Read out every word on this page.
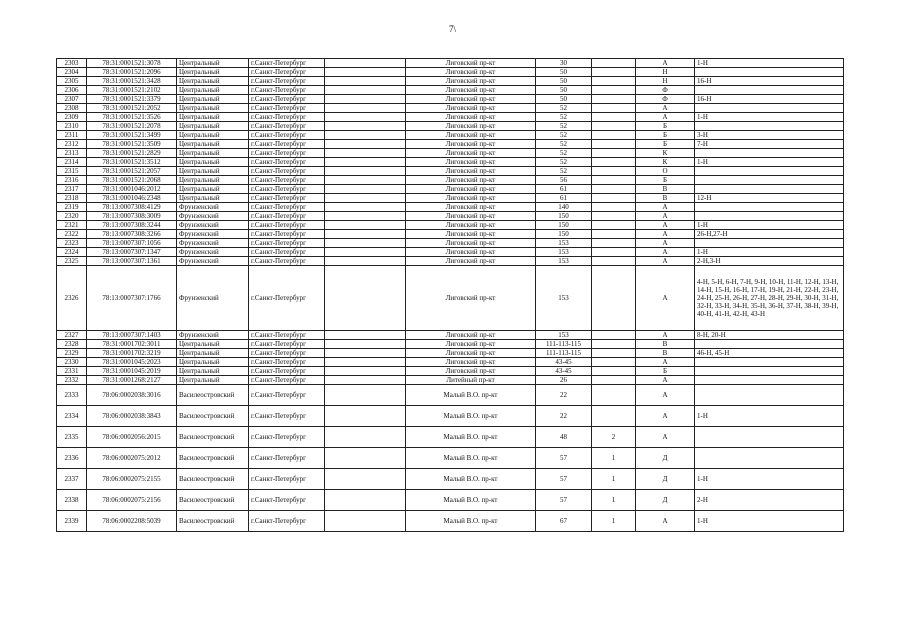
7\
2303	78:31:0001521:3078	Центральный	г.Санкт-Петербург		Лиговский пр-кт	30		А	1-Н
2304	78:31:0001521:2096	Центральный	г.Санкт-Петербург		Лиговский пр-кт	50		Н	
2305	78:31:0001521:3428	Центральный	г.Санкт-Петербург		Лиговский пр-кт	50		Н	16-Н
2306	78:31:0001521:2102	Центральный	г.Санкт-Петербург		Лиговский пр-кт	50		Ф	
2307	78:31:0001521:3379	Центральный	г.Санкт-Петербург		Лиговский пр-кт	50		Ф	16-Н
2308	78:31:0001521:2052	Центральный	г.Санкт-Петербург		Лиговский пр-кт	52		А	
2309	78:31:0001521:3526	Центральный	г.Санкт-Петербург		Лиговский пр-кт	52		А	1-Н
2310	78:31:0001521:2078	Центральный	г.Санкт-Петербург		Лиговский пр-кт	52		Б	
2311	78:31:0001521:3499	Центральный	г.Санкт-Петербург		Лиговский пр-кт	52		Б	3-Н
2312	78:31:0001521:3509	Центральный	г.Санкт-Петербург		Лиговский пр-кт	52		Б	7-Н
2313	78:31:0001521:2829	Центральный	г.Санкт-Петербург		Лиговский пр-кт	52		К	
2314	78:31:0001521:3512	Центральный	г.Санкт-Петербург		Лиговский пр-кт	52		К	1-Н
2315	78:31:0001521:2057	Центральный	г.Санкт-Петербург		Лиговский пр-кт	52		О	
2316	78:31:0001521:2068	Центральный	г.Санкт-Петербург		Лиговский пр-кт	56		Б	
2317	78:31:0001046:2012	Центральный	г.Санкт-Петербург		Лиговский пр-кт	61		В	
2318	78:31:0001046:2348	Центральный	г.Санкт-Петербург		Лиговский пр-кт	61		В	12-Н
2319	78:13:0007308:4129	Фрунзенский	г.Санкт-Петербург		Лиговский пр-кт	140		А	
2320	78:13:0007308:3009	Фрунзенский	г.Санкт-Петербург		Лиговский пр-кт	150		А	
2321	78:13:0007308:3244	Фрунзенский	г.Санкт-Петербург		Лиговский пр-кт	150		А	1-Н
2322	78:13:0007308:3266	Фрунзенский	г.Санкт-Петербург		Лиговский пр-кт	150		А	26-Н,27-Н
2323	78:13:0007307:1056	Фрунзенский	г.Санкт-Петербург		Лиговский пр-кт	153		А	
2324	78:13:0007307:1347	Фрунзенский	г.Санкт-Петербург		Лиговский пр-кт	153		А	1-Н
2325	78:13:0007307:1361	Фрунзенский	г.Санкт-Петербург		Лиговский пр-кт	153		А	2-Н,3-Н
2326	78:13:0007307:1766	Фрунзенский	г.Санкт-Петербург		Лиговский пр-кт	153		А	4-Н, 5-Н, 6-Н, 7-Н, 9-Н, 10-Н, 11-Н, 12-Н, 13-Н, 14-Н, 15-Н, 16-Н, 17-Н, 19-Н, 21-Н, 22-Н, 23-Н, 24-Н, 25-Н, 26-Н, 27-Н, 28-Н, 29-Н, 30-Н, 31-Н, 32-Н, 33-Н, 34-Н, 35-Н, 36-Н, 37-Н, 38-Н, 39-Н, 40-Н, 41-Н, 42-Н, 43-Н
2327	78:13:0007307:1403	Фрунзенский	г.Санкт-Петербург		Лиговский пр-кт	153		А	8-Н, 20-Н
2328	78:31:0001702:3011	Центральный	г.Санкт-Петербург		Лиговский пр-кт	111-113-115		В	
2329	78:31:0001702:3219	Центральный	г.Санкт-Петербург		Лиговский пр-кт	111-113-115		В	46-Н, 45-Н
2330	78:31:0001045:2023	Центральный	г.Санкт-Петербург		Лиговский пр-кт	43-45		А	
2331	78:31:0001045:2019	Центральный	г.Санкт-Петербург		Лиговский пр-кт	43-45		Б	
2332	78:31:0001268:2127	Центральный	г.Санкт-Петербург		Литейный пр-кт	26		А	
2333	78:06:0002038:3016	Василеостровский	г.Санкт-Петербург		Малый В.О. пр-кт	22		А	
2334	78:06:0002038:3843	Василеостровский	г.Санкт-Петербург		Малый В.О. пр-кт	22		А	1-Н
2335	78:06:0002056:2015	Василеостровский	г.Санкт-Петербург		Малый В.О. пр-кт	48	2	А	
2336	78:06:0002075:2012	Василеостровский	г.Санкт-Петербург		Малый В.О. пр-кт	57	1	Д	
2337	78:06:0002075:2155	Василеостровский	г.Санкт-Петербург		Малый В.О. пр-кт	57	1	Д	1-Н
2338	78:06:0002075:2156	Василеостровский	г.Санкт-Петербург		Малый В.О. пр-кт	57	1	Д	2-Н
2339	78:06:0002208:5039	Василеостровский	г.Санкт-Петербург		Малый В.О. пр-кт	67	1	А	1-Н
